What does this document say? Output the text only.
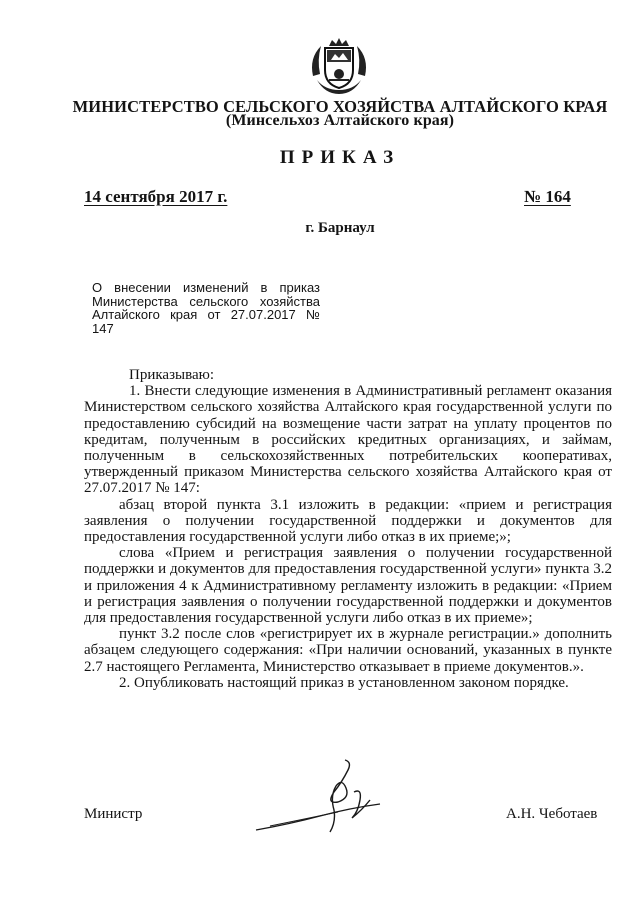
МИНИСТЕРСТВО СЕЛЬСКОГО ХОЗЯЙСТВА АЛТАЙСКОГО КРАЯ
(Минсельхоз Алтайского края)
ПРИКАЗ
14 сентября 2017 г.	№ 164
г. Барнаул
О внесении изменений в приказ
Министерства сельского хозяйства
Алтайского края от 27.07.2017 №
147

Приказываю:

1. Внести следующие изменения в Административный регламент оказания Министерством сельского хозяйства Алтайского края государственной услуги по предоставлению субсидий на возмещение части затрат на уплату процентов по кредитам, полученным в российских кредитных организациях, и займам, полученным в сельскохозяйственных потребительских кооперативах, утвержденный приказом Министерства сельского хозяйства Алтайского края от 27.07.2017 № 147:

абзац второй пункта 3.1 изложить в редакции: «прием и регистрация заявления о получении государственной поддержки и документов для предоставления государственной услуги либо отказ в их приеме;»;

слова «Прием и регистрация заявления о получении государственной поддержки и документов для предоставления государственной услуги» пункта 3.2 и приложения 4 к Административному регламенту изложить в редакции: «Прием и регистрация заявления о получении государственной поддержки и документов для предоставления государственной услуги либо отказ в их приеме»;

пункт 3.2 после слов «регистрирует их в журнале регистрации.» дополнить абзацем следующего содержания: «При наличии оснований, указанных в пункте 2.7 настоящего Регламента, Министерство отказывает в приеме документов.».

2. Опубликовать настоящий приказ в установленном законом порядке.

Министр	А.Н. Чеботаев
